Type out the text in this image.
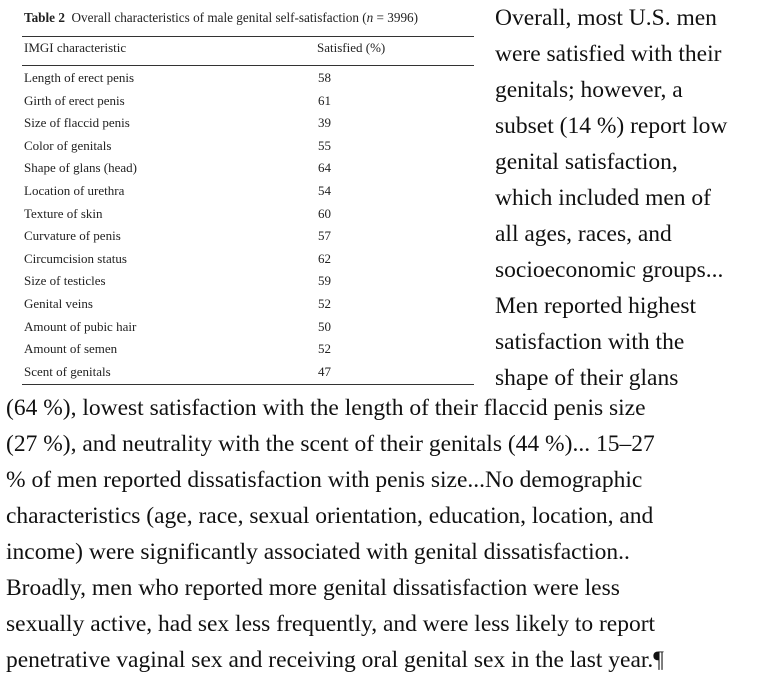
Table 2 Overall characteristics of male genital self-satisfaction (n = 3996)
IMGI characteristic	Satisfied (%)
Length of erect penis	58
Girth of erect penis	61
Size of flaccid penis	39
Color of genitals	55
Shape of glans (head)	64
Location of urethra	54
Texture of skin	60
Curvature of penis	57
Circumcision status	62
Size of testicles	59
Genital veins	52
Amount of pubic hair	50
Amount of semen	52
Scent of genitals	47
Overall, most U.S. men
were satisfied with their
genitals; however, a
subset (14 %) report low
genital satisfaction,
which included men of
all ages, races, and
socioeconomic groups...
Men reported highest
satisfaction with the
shape of their glans
(64 %), lowest satisfaction with the length of their flaccid penis size
(27 %), and neutrality with the scent of their genitals (44 %)... 15–27
% of men reported dissatisfaction with penis size...No demographic
characteristics (age, race, sexual orientation, education, location, and
income) were significantly associated with genital dissatisfaction..
Broadly, men who reported more genital dissatisfaction were less
sexually active, had sex less frequently, and were less likely to report
penetrative vaginal sex and receiving oral genital sex in the last year.¶
